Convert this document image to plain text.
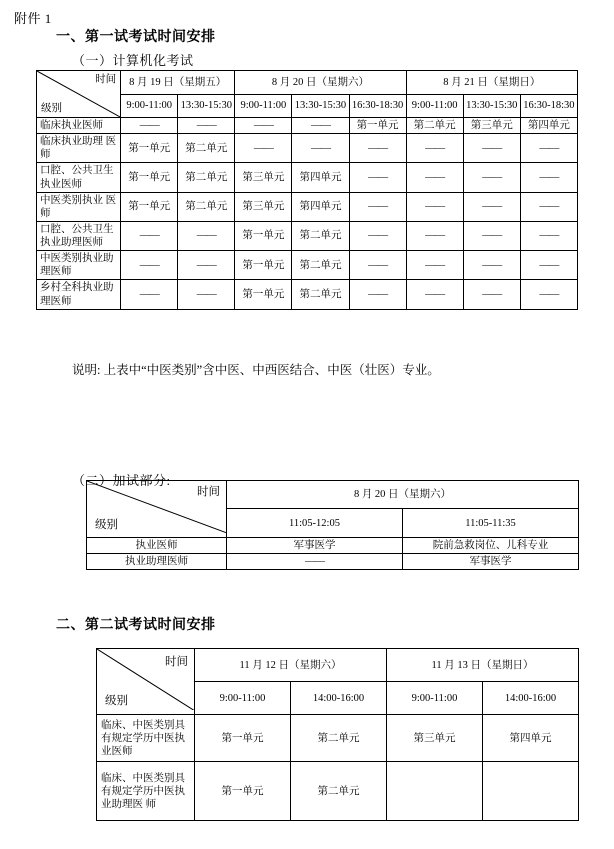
附件 1
一、第一试考试时间安排
（一）计算机化考试
时间
级别	8 月 19 日（星期五）		8 月 20 日（星期六）			8 月 21 日（星期日）		
	9:00-11:00	13:30-15:30	9:00-11:00	13:30-15:30	16:30-18:30	9:00-11:00	13:30-15:30	16:30-18:30
临床执业医师	——	——	——	——	第一单元	第二单元	第三单元	第四单元
临床执业助理 医师	第一单元	第二单元	——	——	——	——	——	——
口腔、公共卫生 执业医师	第一单元	第二单元	第三单元	第四单元	——	——	——	——
中医类别执业 医师	第一单元	第二单元	第三单元	第四单元	——	——	——	——
口腔、公共卫生执业助理医师	——	——	第一单元	第二单元	——	——	——	——
中医类别执业助理医师	——	——	第一单元	第二单元	——	——	——	——
乡村全科执业助理医师	——	——	第一单元	第二单元	——	——	——	——
说明: 上表中“中医类别”含中医、中西医结合、中医（壮医）专业。
（二）加试部分:
时间
级别	8 月 20 日（星期六）	
	11:05-12:05	11:05-11:35
执业医师	军事医学	院前急救岗位、儿科专业
执业助理医师	——	军事医学
二、第二试考试时间安排
时间
级别	11 月 12 日（星期六）		11 月 13 日（星期日）	
	9:00-11:00	14:00-16:00	9:00-11:00	14:00-16:00
临床、中医类别具有规定学历中医执业医师	第一单元	第二单元	第三单元	第四单元
临床、中医类别具有规定学历中医执业助理医 师	第一单元	第二单元		
